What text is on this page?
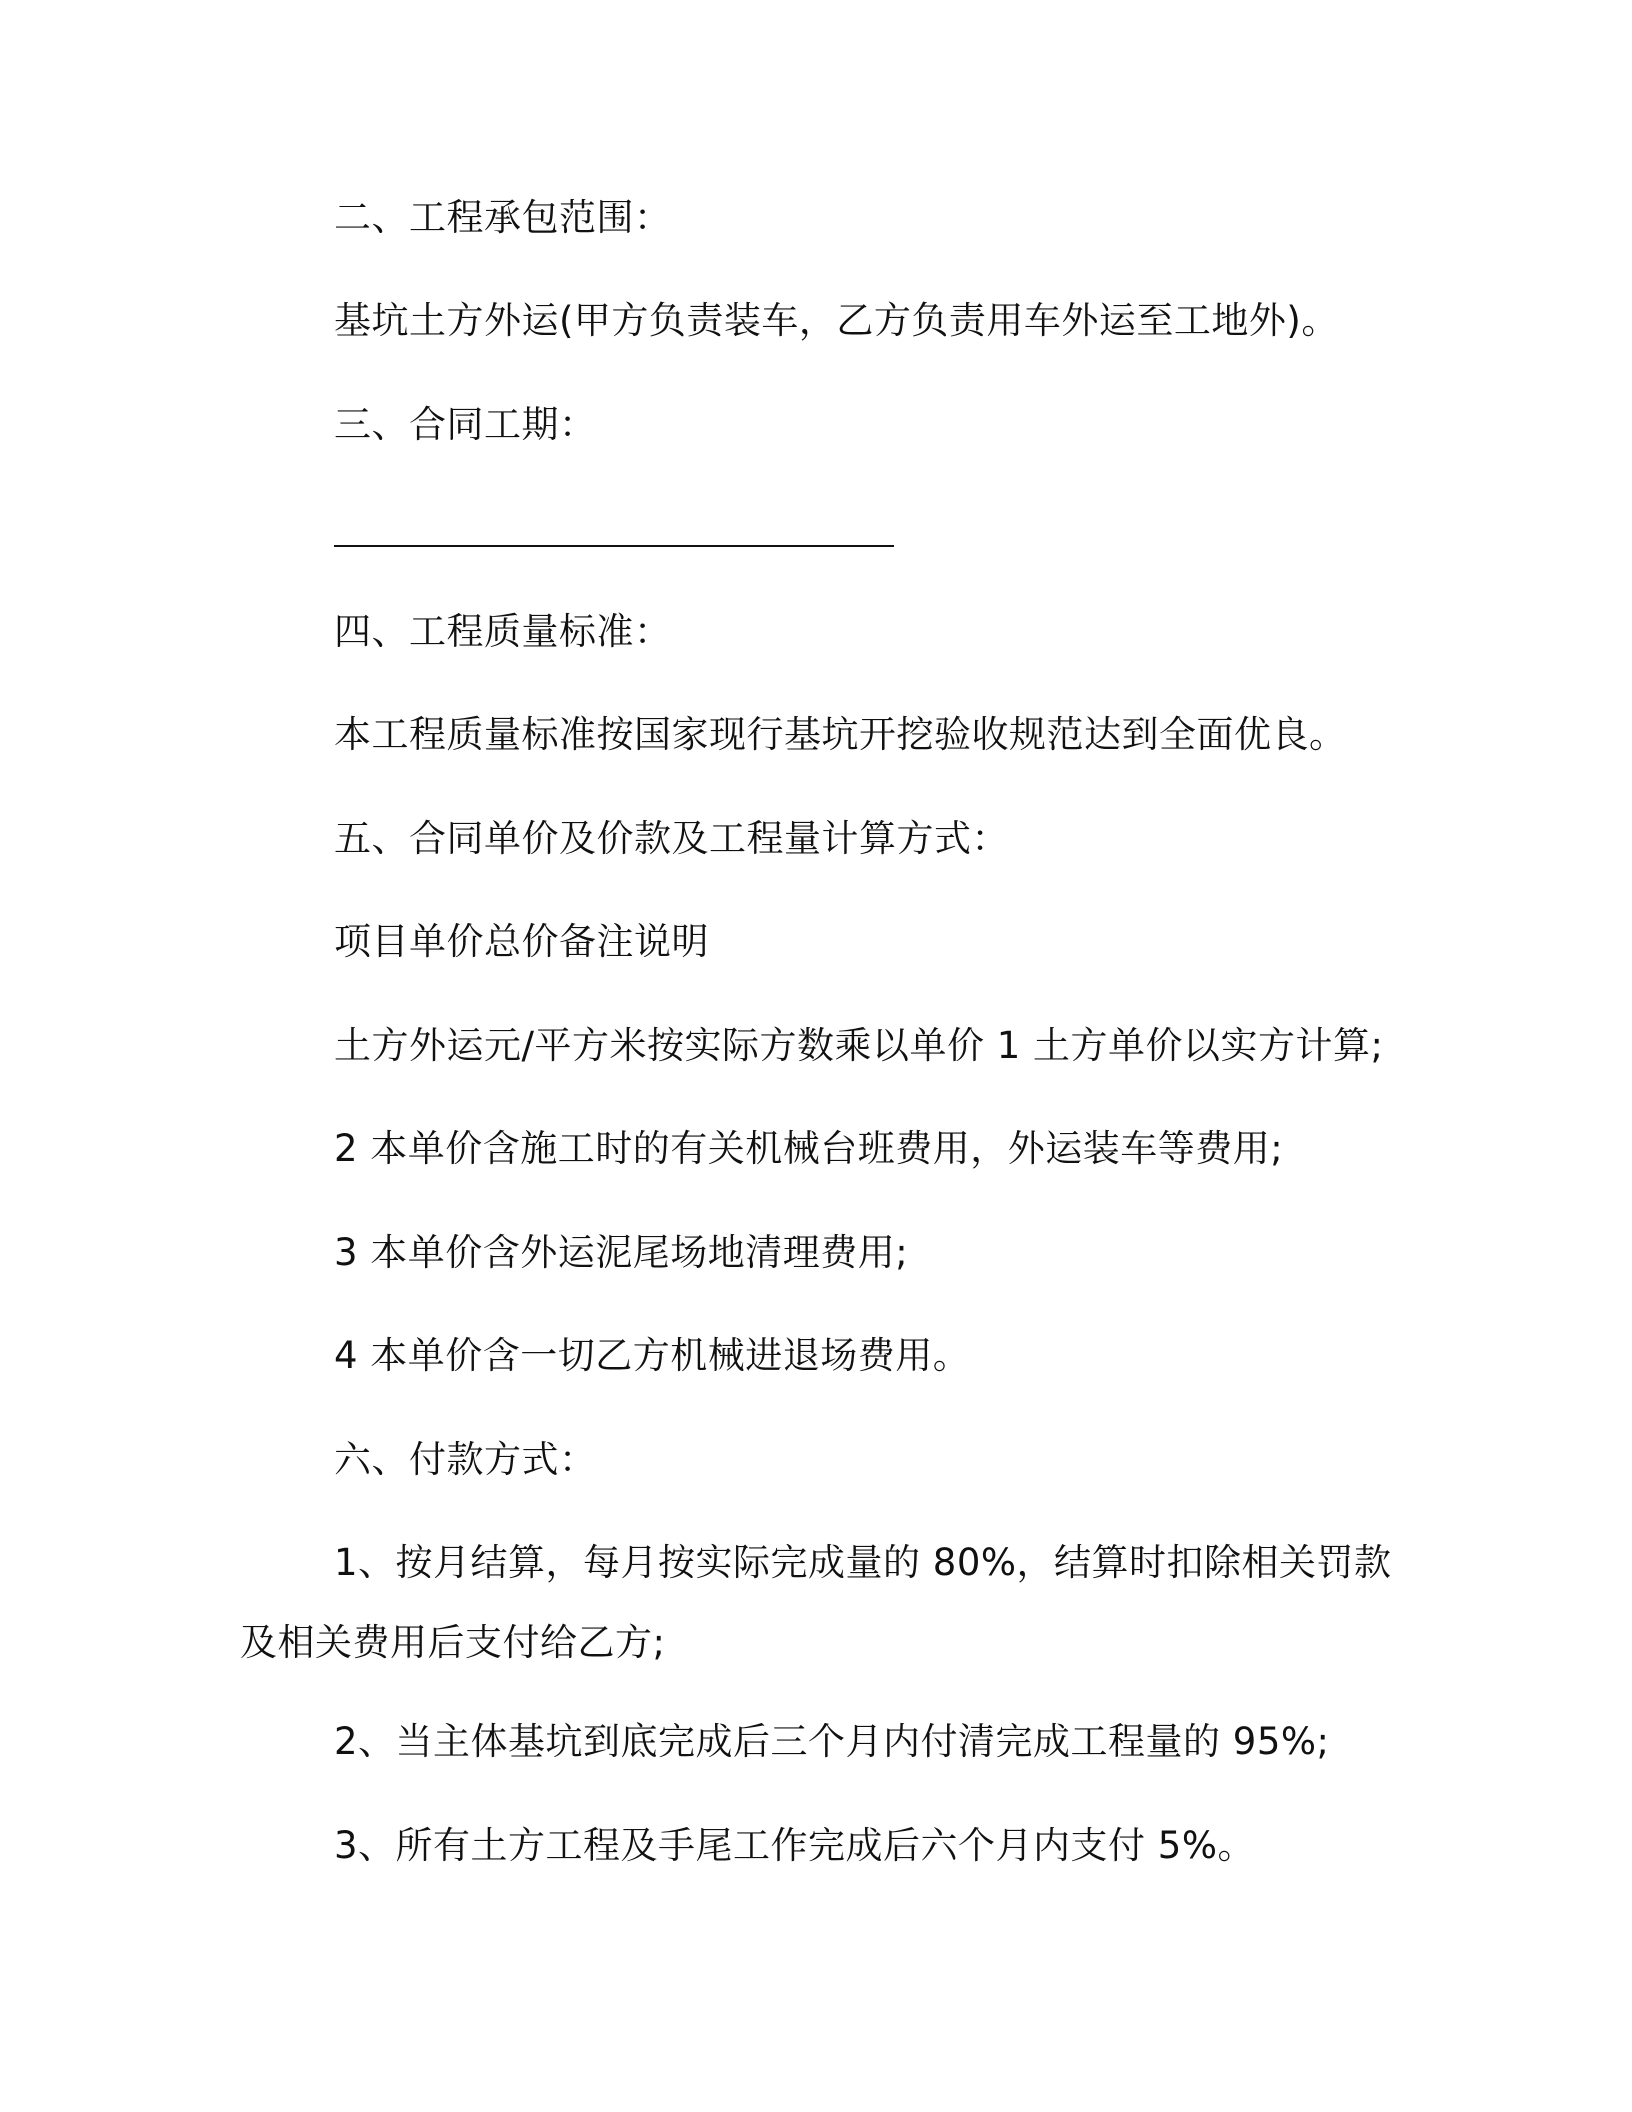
二、工程承包范围：
基坑土方外运(甲方负责装车，乙方负责用车外运至工地外)。
三、合同工期：
四、工程质量标准：
本工程质量标准按国家现行基坑开挖验收规范达到全面优良。
五、合同单价及价款及工程量计算方式：
项目单价总价备注说明
土方外运元/平方米按实际方数乘以单价 1 土方单价以实方计算;
2 本单价含施工时的有关机械台班费用，外运装车等费用;
3 本单价含外运泥尾场地清理费用;
4 本单价含一切乙方机械进退场费用。
六、付款方式：
1、按月结算，每月按实际完成量的 80%，结算时扣除相关罚款
及相关费用后支付给乙方;
2、当主体基坑到底完成后三个月内付清完成工程量的 95%;
3、所有土方工程及手尾工作完成后六个月内支付 5%。
